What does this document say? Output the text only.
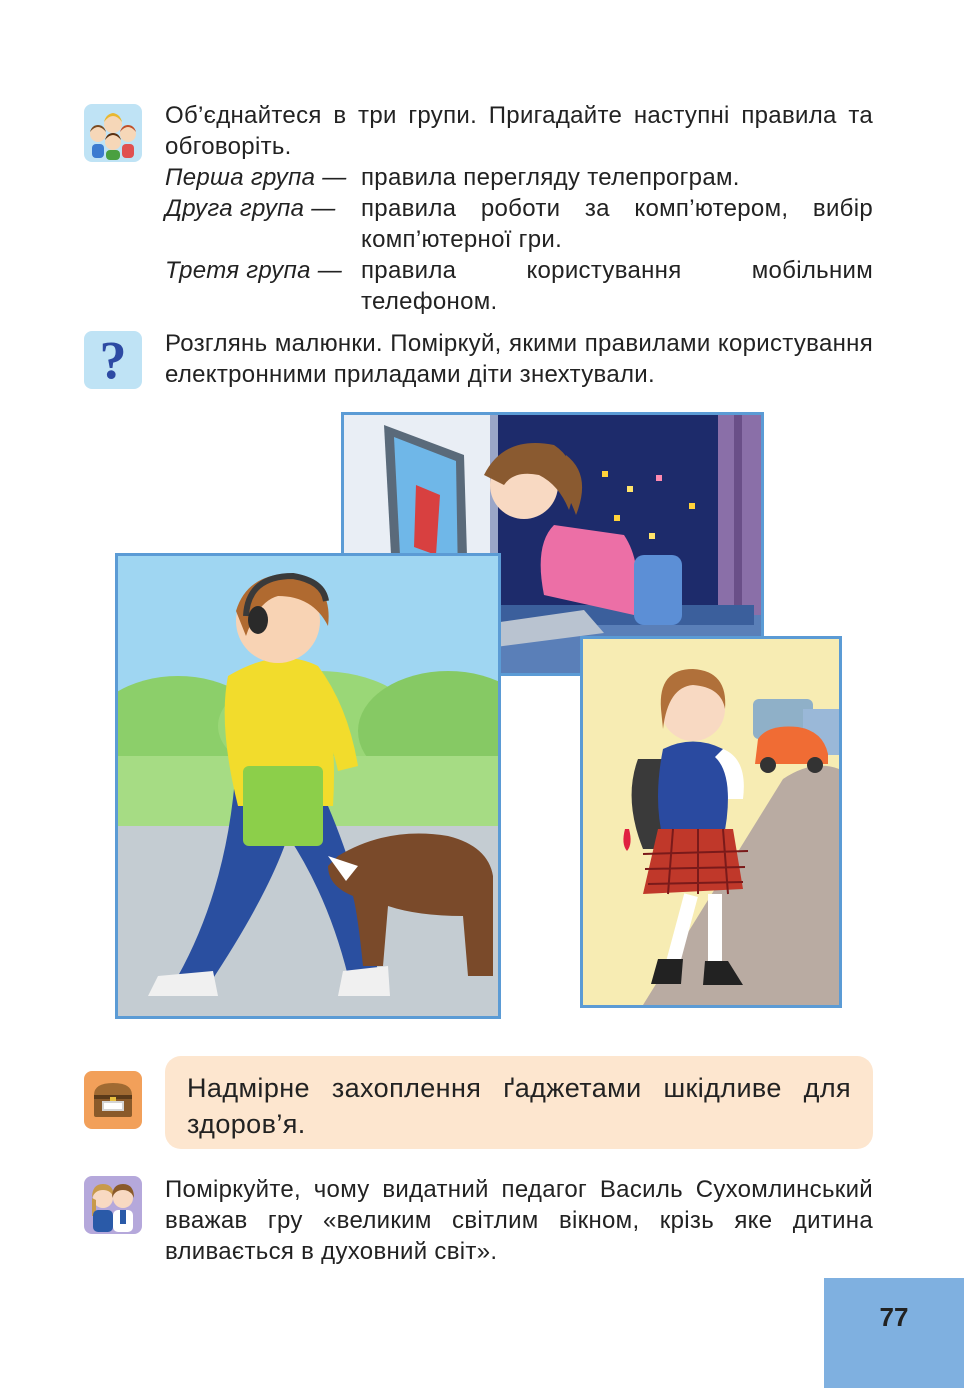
Об’єднайтеся в три групи. Пригадайте наступні правила та обговоріть.
Перша група — правила перегляду телепрограм.
Друга група —	правила роботи за комп’ютером, вибір комп’ютерної гри.
Третя група — правила користування мобільним телефоном.
? Розглянь малюнки. Поміркуй, якими правилами користування електронними приладами діти знехтували.
Надмірне захоплення ґаджетами шкідливе для здоров’я.
Поміркуйте, чому видатний педагог Василь Сухомлинський вважав гру «великим світлим вікном, крізь яке дитина вливається в духовний світ».
77
